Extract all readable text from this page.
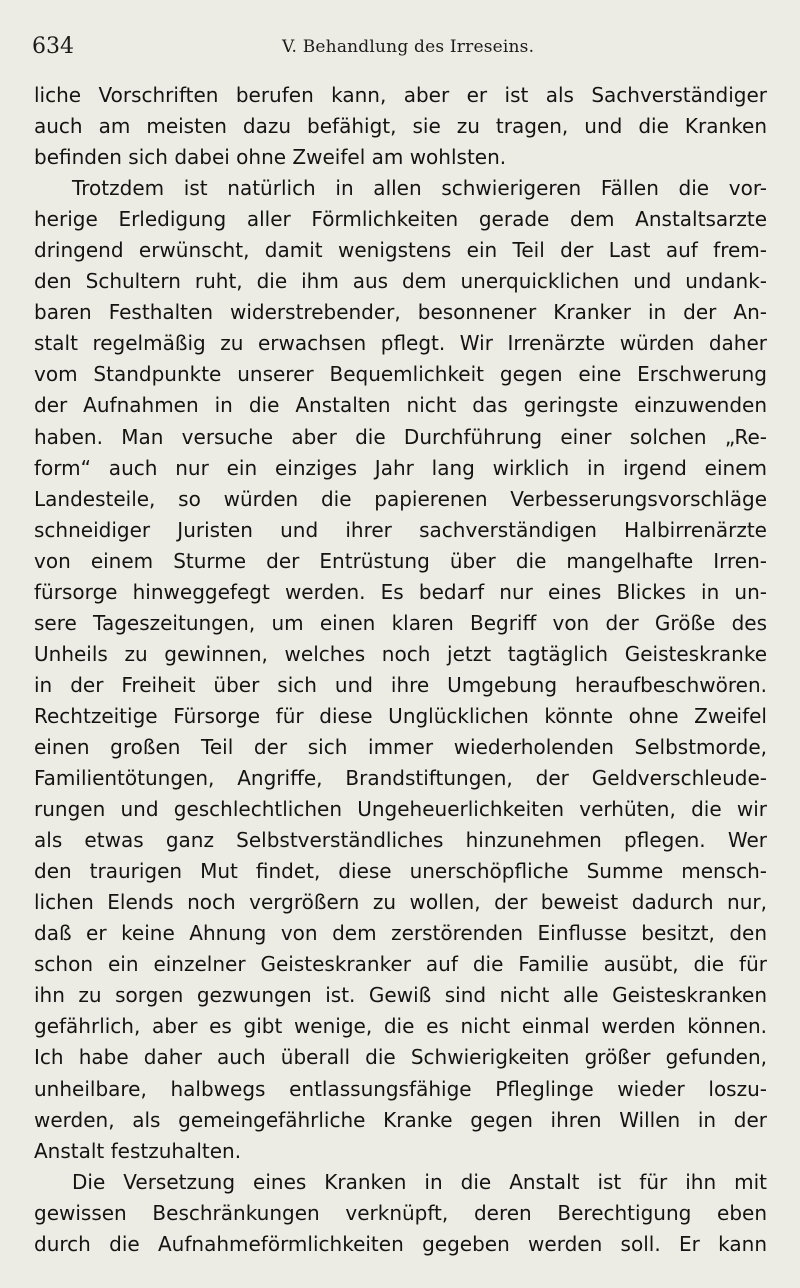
634	V. Behandlung des Irreseins.
liche Vorschriften berufen kann, aber er ist als Sachverständiger
auch am meisten dazu befähigt, sie zu tragen, und die Kranken
befinden sich dabei ohne Zweifel am wohlsten.
Trotzdem ist natürlich in allen schwierigeren Fällen die vor-
herige Erledigung aller Förmlichkeiten gerade dem Anstaltsarzte
dringend erwünscht, damit wenigstens ein Teil der Last auf frem-
den Schultern ruht, die ihm aus dem unerquicklichen und undank-
baren Festhalten widerstrebender, besonnener Kranker in der An-
stalt regelmäßig zu erwachsen pflegt. Wir Irrenärzte würden daher
vom Standpunkte unserer Bequemlichkeit gegen eine Erschwerung
der Aufnahmen in die Anstalten nicht das geringste einzuwenden
haben. Man versuche aber die Durchführung einer solchen „Re-
form“ auch nur ein einziges Jahr lang wirklich in irgend einem
Landesteile, so würden die papierenen Verbesserungsvorschläge
schneidiger Juristen und ihrer sachverständigen Halbirrenärzte
von einem Sturme der Entrüstung über die mangelhafte Irren-
fürsorge hinweggefegt werden. Es bedarf nur eines Blickes in un-
sere Tageszeitungen, um einen klaren Begriff von der Größe des
Unheils zu gewinnen, welches noch jetzt tagtäglich Geisteskranke
in der Freiheit über sich und ihre Umgebung heraufbeschwören.
Rechtzeitige Fürsorge für diese Unglücklichen könnte ohne Zweifel
einen großen Teil der sich immer wiederholenden Selbstmorde,
Familientötungen, Angriffe, Brandstiftungen, der Geldverschleude-
rungen und geschlechtlichen Ungeheuerlichkeiten verhüten, die wir
als etwas ganz Selbstverständliches hinzunehmen pflegen. Wer
den traurigen Mut findet, diese unerschöpfliche Summe mensch-
lichen Elends noch vergrößern zu wollen, der beweist dadurch nur,
daß er keine Ahnung von dem zerstörenden Einflusse besitzt, den
schon ein einzelner Geisteskranker auf die Familie ausübt, die für
ihn zu sorgen gezwungen ist. Gewiß sind nicht alle Geisteskranken
gefährlich, aber es gibt wenige, die es nicht einmal werden können.
Ich habe daher auch überall die Schwierigkeiten größer gefunden,
unheilbare, halbwegs entlassungsfähige Pfleglinge wieder loszu-
werden, als gemeingefährliche Kranke gegen ihren Willen in der
Anstalt festzuhalten.
Die Versetzung eines Kranken in die Anstalt ist für ihn mit
gewissen Beschränkungen verknüpft, deren Berechtigung eben
durch die Aufnahmeförmlichkeiten gegeben werden soll. Er kann
